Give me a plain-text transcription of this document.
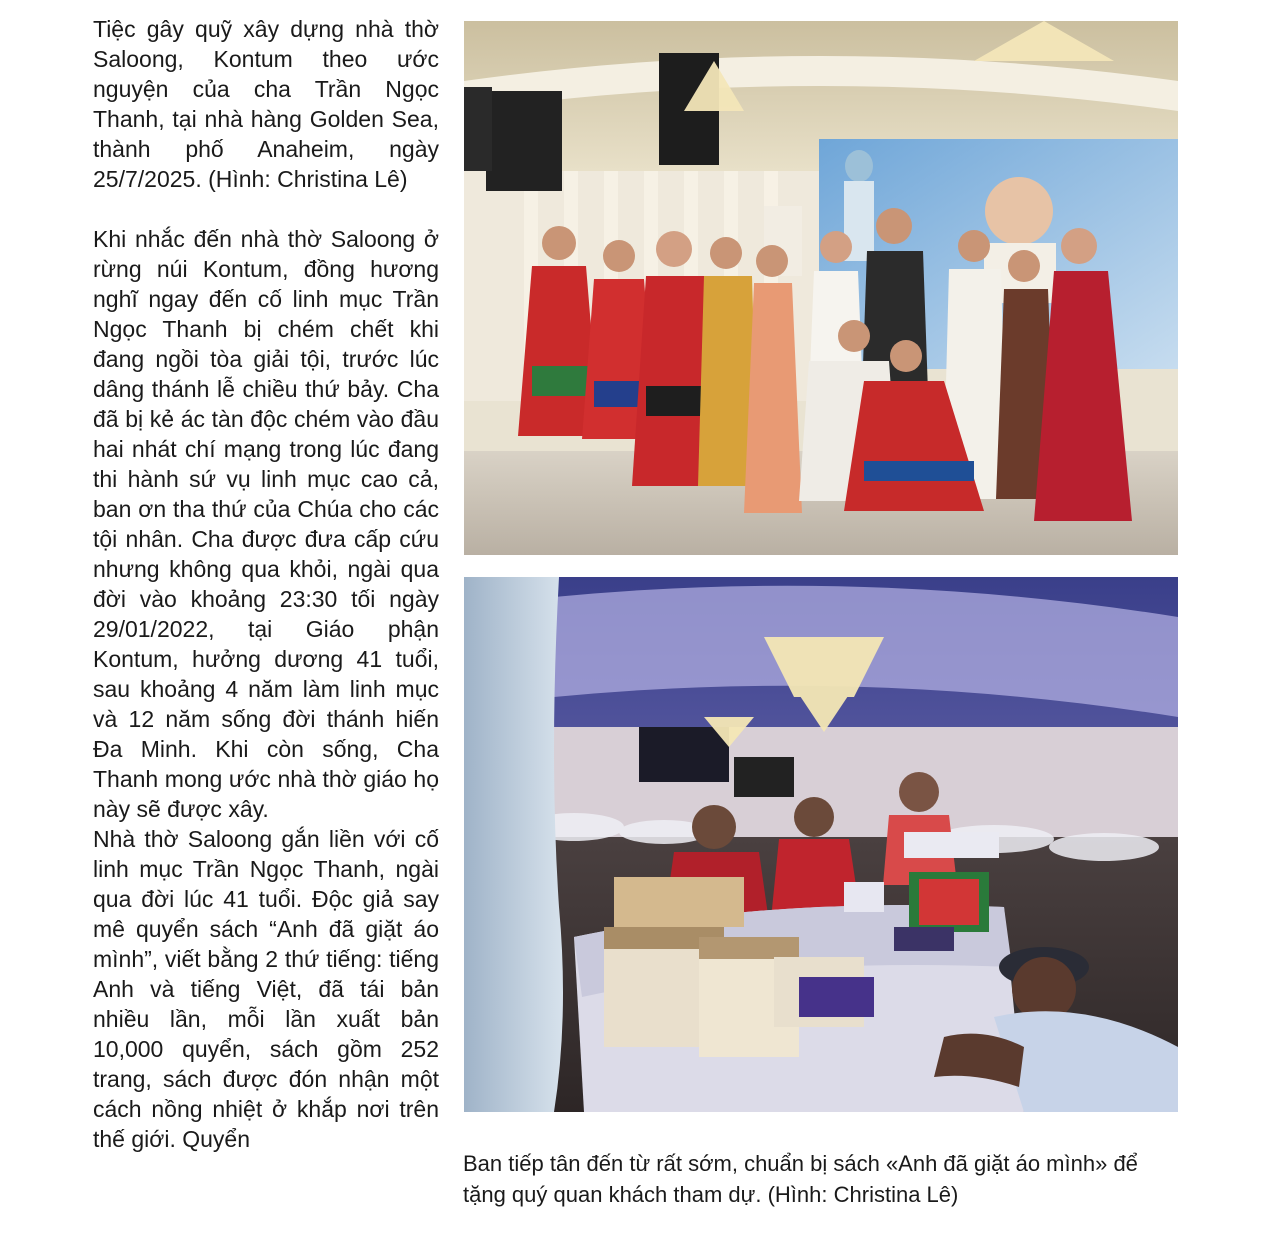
Tiệc gây quỹ xây dựng nhà thờ Saloong, Kontum theo ước nguyện của cha Trần Ngọc Thanh, tại nhà hàng Golden Sea, thành phố Anaheim, ngày 25/7/2025. (Hình: Christina Lê)

Khi nhắc đến nhà thờ Saloong ở rừng núi Kontum, đồng hương nghĩ ngay đến cố linh mục Trần Ngọc Thanh bị chém chết khi đang ngồi tòa giải tội, trước lúc dâng thánh lễ chiều thứ bảy. Cha đã bị kẻ ác tàn độc chém vào đầu hai nhát chí mạng trong lúc đang thi hành sứ vụ linh mục cao cả, ban ơn tha thứ của Chúa cho các tội nhân. Cha được đưa cấp cứu nhưng không qua khỏi, ngài qua đời vào khoảng 23:30 tối ngày 29/01/2022, tại Giáo phận Kontum, hưởng dương 41 tuổi, sau khoảng 4 năm làm linh mục và 12 năm sống đời thánh hiến Đa Minh. Khi còn sống, Cha Thanh mong ước nhà thờ giáo họ này sẽ được xây.

Nhà thờ Saloong gắn liền với cố linh mục Trần Ngọc Thanh, ngài qua đời lúc 41 tuổi. Độc giả say mê quyển sách “Anh đã giặt áo mình”, viết bằng 2 thứ tiếng: tiếng Anh và tiếng Việt, đã tái bản nhiều lần, mỗi lần xuất bản 10,000 quyển, sách gồm 252 trang, sách được đón nhận một cách nồng nhiệt ở khắp nơi trên thế giới. Quyển

Ban tiếp tân đến từ rất sớm, chuẩn bị sách «Anh đã giặt áo mình» để tặng quý quan khách tham dự. (Hình: Christina Lê)
